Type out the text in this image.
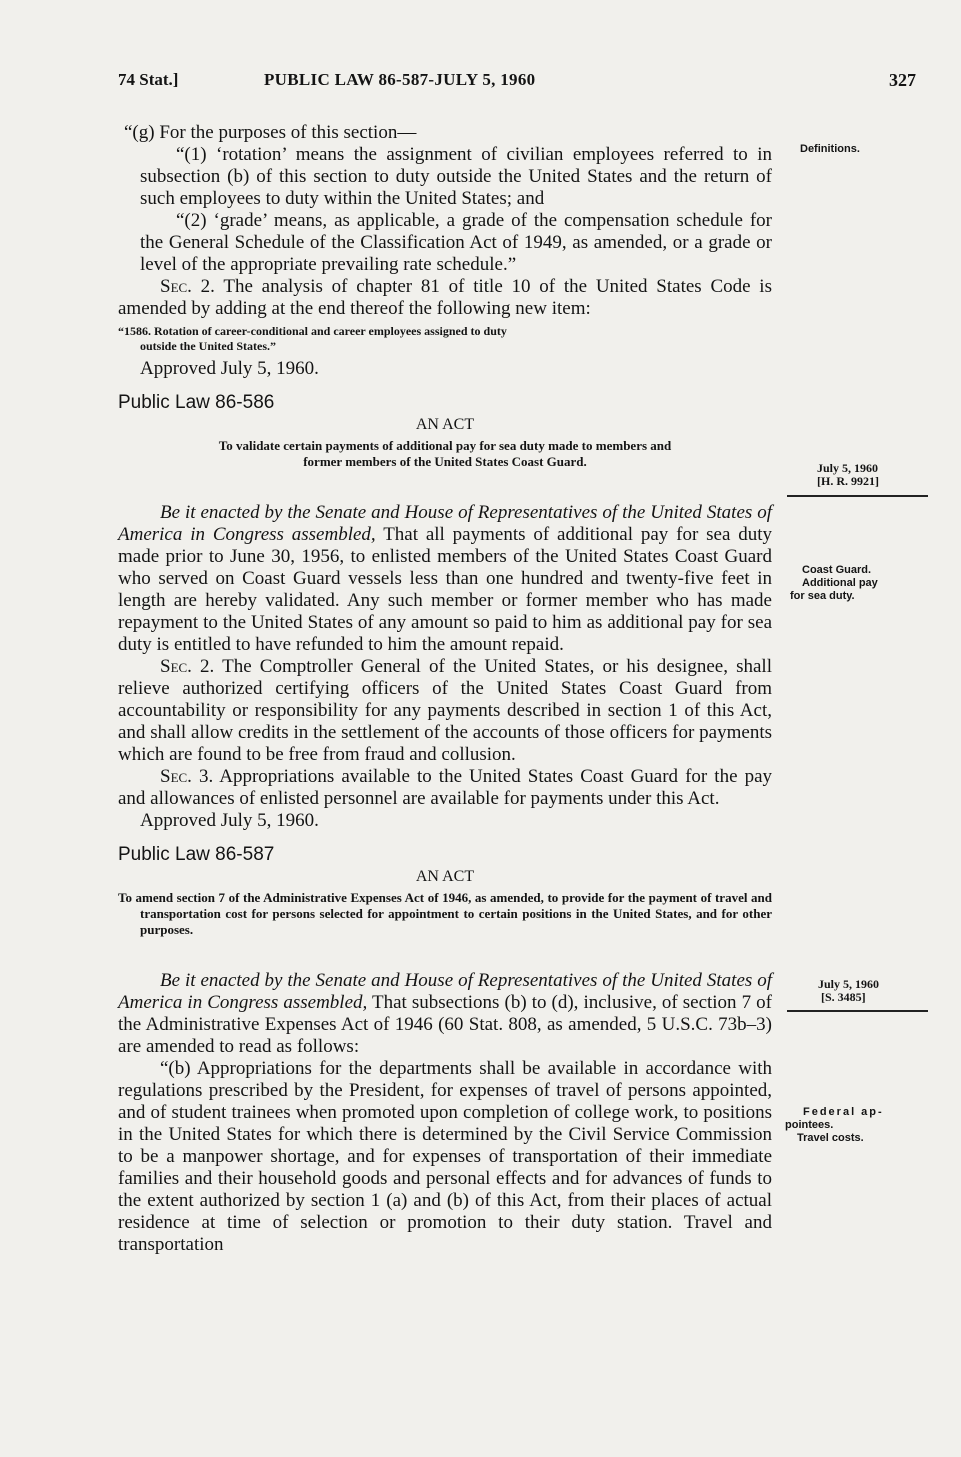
74 Stat.]	PUBLIC LAW 86-587-JULY 5, 1960	327

“(g) For the purposes of this section—

“(1) ‘rotation’ means the assignment of civilian employees referred to in subsection (b) of this section to duty outside the United States and the return of such employees to duty within the United States; and

“(2) ‘grade’ means, as applicable, a grade of the compensation schedule for the General Schedule of the Classification Act of 1949, as amended, or a grade or level of the appropriate prevailing rate schedule.”

Sec. 2. The analysis of chapter 81 of title 10 of the United States Code is amended by adding at the end thereof the following new item:

“1586. Rotation of career-conditional and career employees assigned to duty
outside the United States.”

Approved July 5, 1960.

Public Law 86-586

AN ACT

To validate certain payments of additional pay for sea duty made to members and
former members of the United States Coast Guard.

Be it enacted by the Senate and House of Representatives of the United States of America in Congress assembled, That all payments of additional pay for sea duty made prior to June 30, 1956, to enlisted members of the United States Coast Guard who served on Coast Guard vessels less than one hundred and twenty-five feet in length are hereby validated. Any such member or former member who has made repayment to the United States of any amount so paid to him as additional pay for sea duty is entitled to have refunded to him the amount repaid.

Sec. 2. The Comptroller General of the United States, or his designee, shall relieve authorized certifying officers of the United States Coast Guard from accountability or responsibility for any payments described in section 1 of this Act, and shall allow credits in the settlement of the accounts of those officers for payments which are found to be free from fraud and collusion.

Sec. 3. Appropriations available to the United States Coast Guard for the pay and allowances of enlisted personnel are available for payments under this Act.

Approved July 5, 1960.

Public Law 86-587

AN ACT

To amend section 7 of the Administrative Expenses Act of 1946, as amended, to provide for the payment of travel and transportation cost for persons selected for appointment to certain positions in the United States, and for other purposes.

Be it enacted by the Senate and House of Representatives of the United States of America in Congress assembled, That subsections (b) to (d), inclusive, of section 7 of the Administrative Expenses Act of 1946 (60 Stat. 808, as amended, 5 U.S.C. 73b–3) are amended to read as follows:

“(b) Appropriations for the departments shall be available in accordance with regulations prescribed by the President, for expenses of travel of persons appointed, and of student trainees when promoted upon completion of college work, to positions in the United States for which there is determined by the Civil Service Commission to be a manpower shortage, and for expenses of transportation of their immediate families and their household goods and personal effects and for advances of funds to the extent authorized by section 1 (a) and (b) of this Act, from their places of actual residence at time of selection or promotion to their duty station. Travel and transportation

Definitions.
July 5, 1960
[H. R. 9921]
Coast Guard.
Additional pay
for sea duty.
July 5, 1960
[S. 3485]
Federal ap-
pointees.
Travel costs.
